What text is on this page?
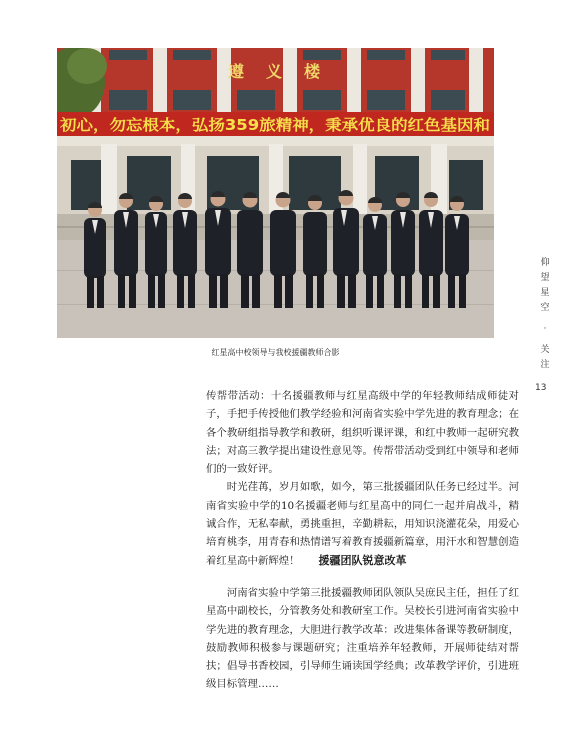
遵义楼
初心，勿忘根本，弘扬359旅精神，秉承优良的红色基因和
红星高中校领导与我校援疆教师合影
仰
望
星
空
·
关
注
13

传帮带活动：十名援疆教师与红星高级中学的年轻教师结成师徒对子，手把手传授他们教学经验和河南省实验中学先进的教育理念；在各个教研组指导教学和教研，组织听课评课，和红中教师一起研究教法；对高三教学提出建设性意见等。传帮带活动受到红中领导和老师们的一致好评。

时光荏苒，岁月如歌，如今，第三批援疆团队任务已经过半。河南省实验中学的10名援疆老师与红星高中的同仁一起并肩战斗，精诚合作，无私奉献，勇挑重担，辛勤耕耘，用知识浇灌花朵，用爱心培育桃李，用青春和热情谱写着教育援疆新篇章，用汗水和智慧创造着红星高中新辉煌！	援疆团队锐意改革

河南省实验中学第三批援疆教师团队领队吴庶民主任，担任了红星高中副校长，分管教务处和教研室工作。吴校长引进河南省实验中学先进的教育理念，大胆进行教学改革：改进集体备课等教研制度，鼓励教师积极参与课题研究；注重培养年轻教师，开展师徒结对帮扶；倡导书香校园，引导师生诵读国学经典；改革教学评价，引进班级目标管理……
